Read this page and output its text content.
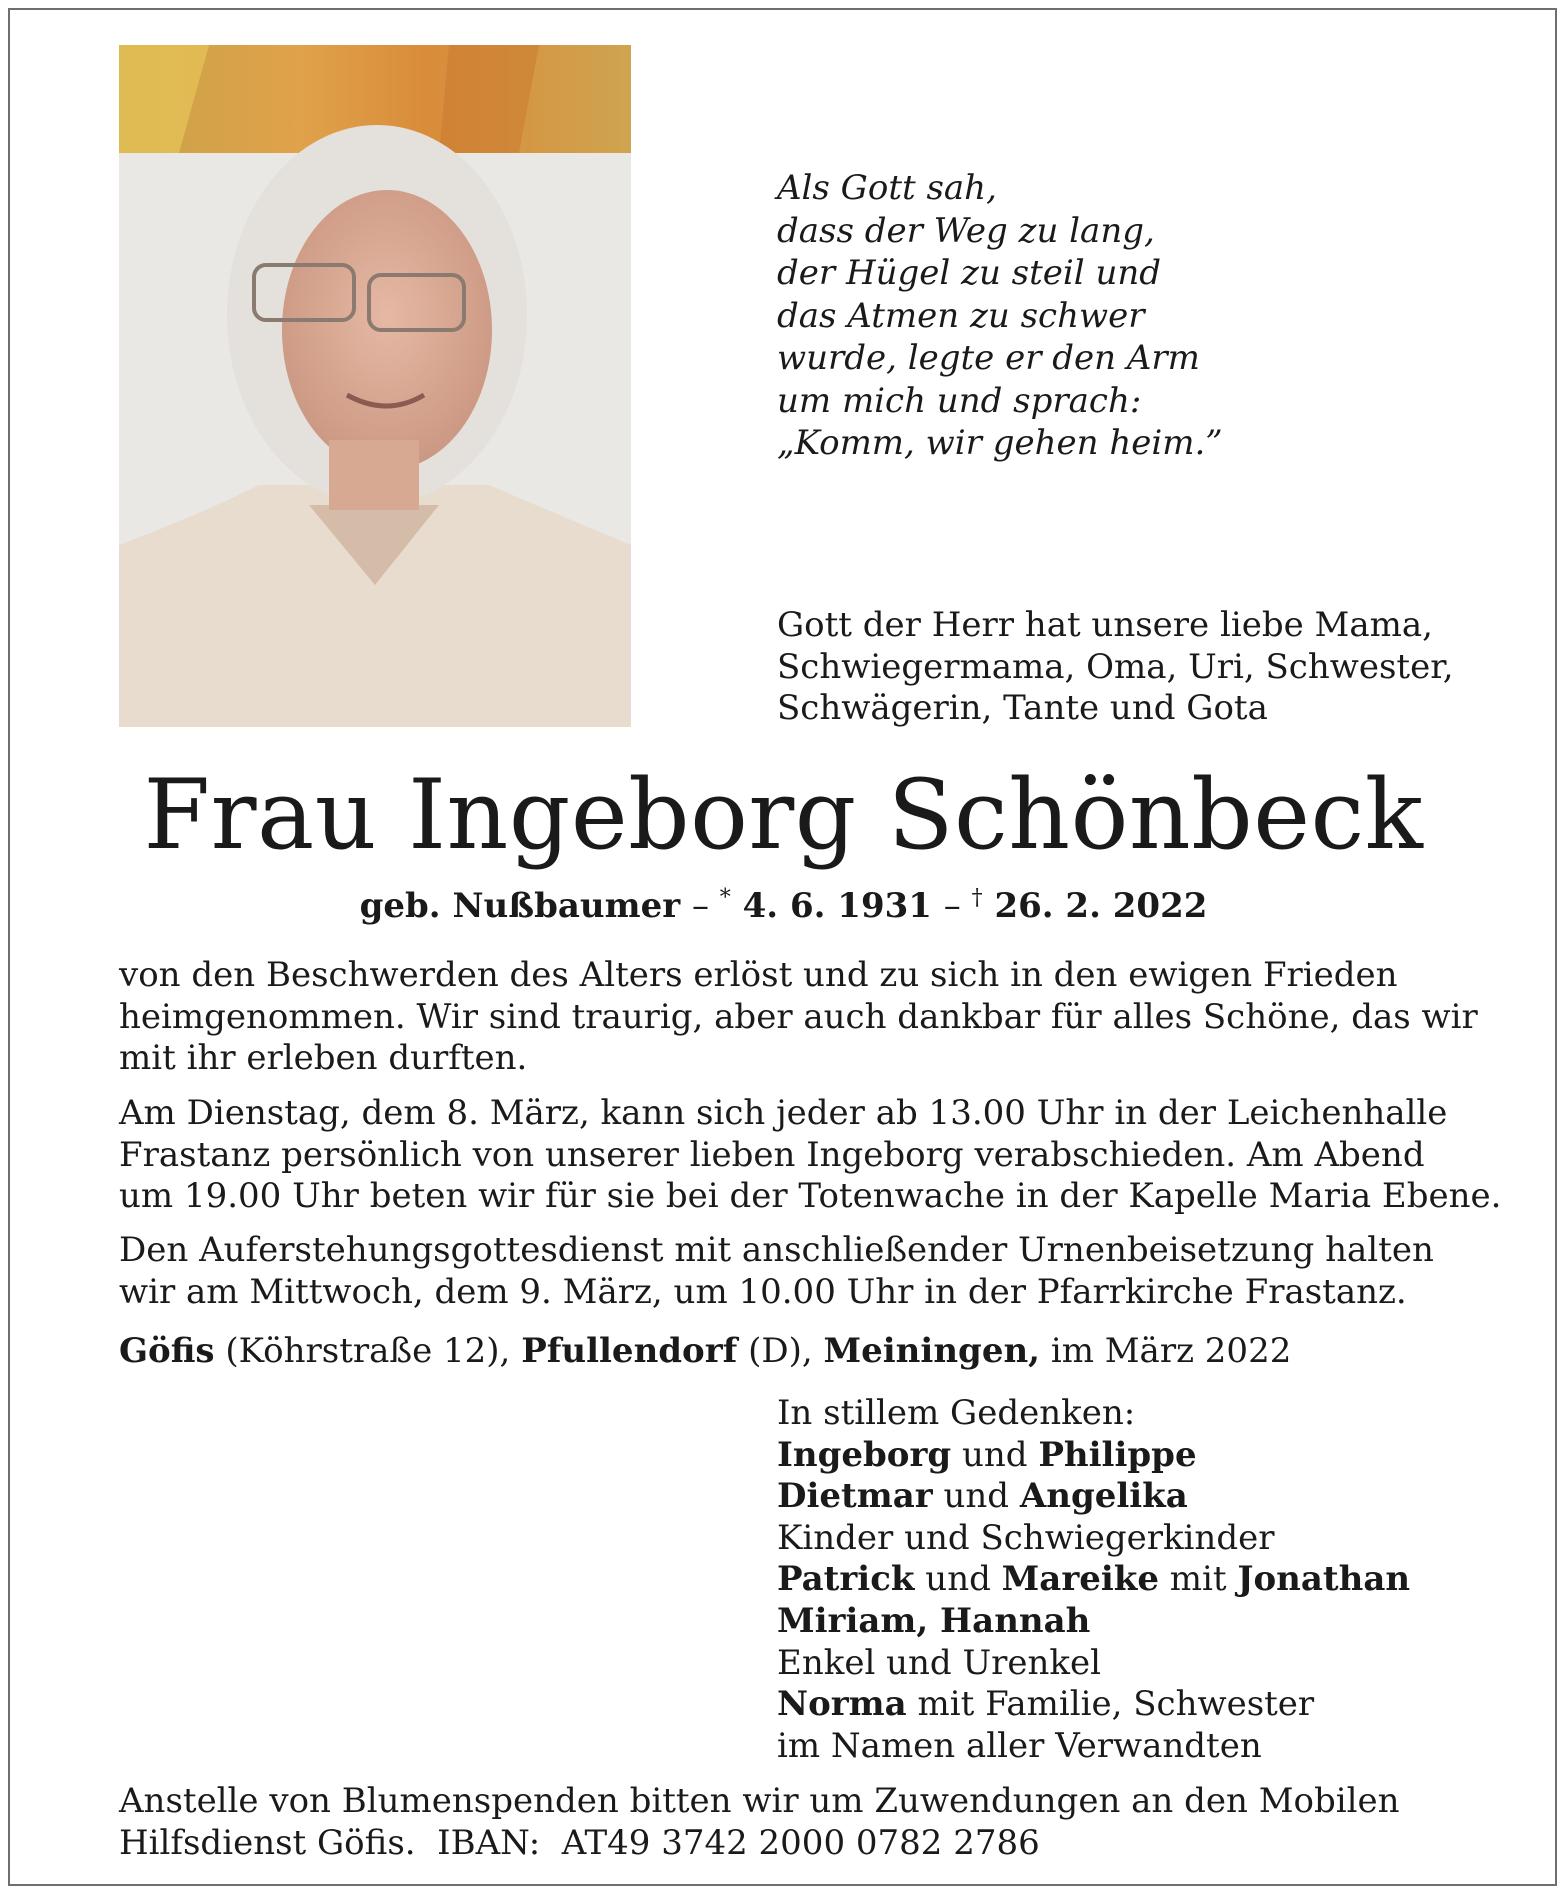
Als Gott sah,
dass der Weg zu lang,
der Hügel zu steil und
das Atmen zu schwer
wurde, legte er den Arm
um mich und sprach:
„Komm, wir gehen heim.”
Gott der Herr hat unsere liebe Mama,
Schwiegermama, Oma, Uri, Schwester,
Schwägerin, Tante und Gota
Frau Ingeborg Schönbeck
geb. Nußbaumer – * 4. 6. 1931 – † 26. 2. 2022
von den Beschwerden des Alters erlöst und zu sich in den ewigen Frieden
heimgenommen. Wir sind traurig, aber auch dankbar für alles Schöne, das wir
mit ihr erleben durften.
Am Dienstag, dem 8. März, kann sich jeder ab 13.00 Uhr in der Leichenhalle
Frastanz persönlich von unserer lieben Ingeborg verabschieden. Am Abend
um 19.00 Uhr beten wir für sie bei der Totenwache in der Kapelle Maria Ebene.
Den Auferstehungsgottesdienst mit anschließender Urnenbeisetzung halten
wir am Mittwoch, dem 9. März, um 10.00 Uhr in der Pfarrkirche Frastanz.
Göfis (Köhrstraße 12), Pfullendorf (D), Meiningen, im März 2022
In stillem Gedenken:
Ingeborg und Philippe
Dietmar und Angelika
Kinder und Schwiegerkinder
Patrick und Mareike mit Jonathan
Miriam, Hannah
Enkel und Urenkel
Norma mit Familie, Schwester
im Namen aller Verwandten
Anstelle von Blumenspenden bitten wir um Zuwendungen an den Mobilen
Hilfsdienst Göfis.  IBAN:  AT49 3742 2000 0782 2786
